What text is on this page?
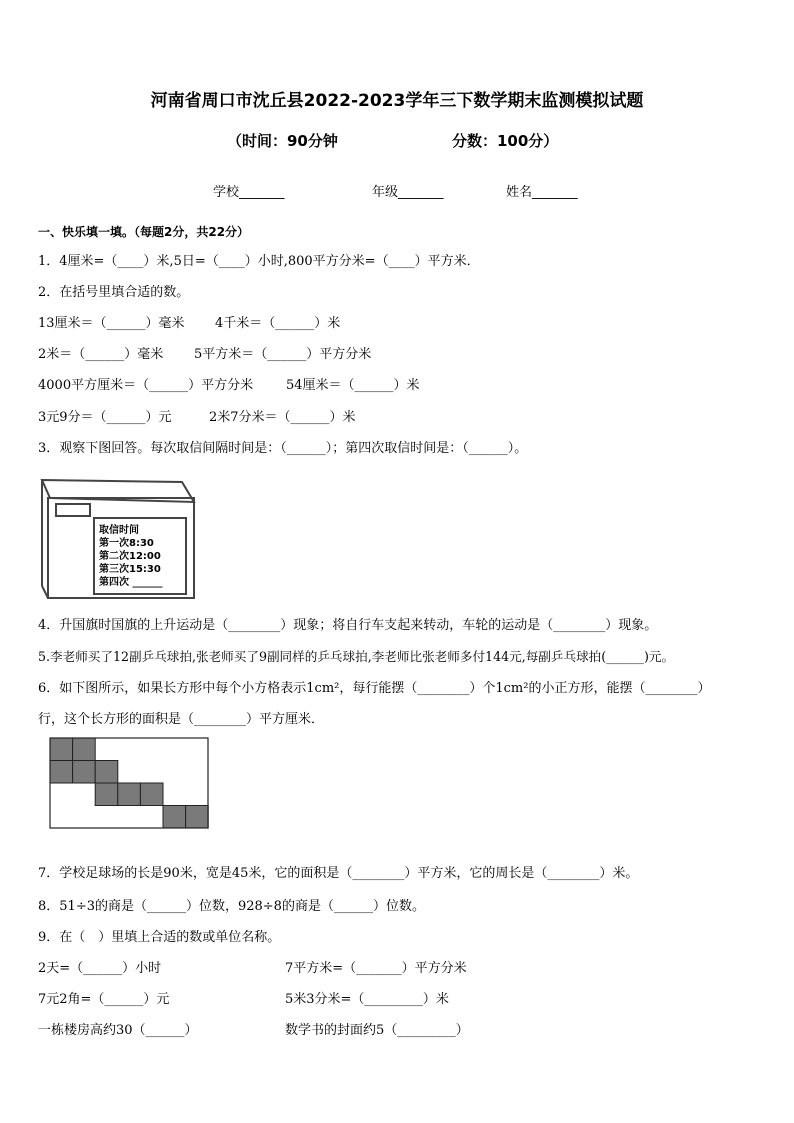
河南省周口市沈丘县2022-2023学年三下数学期末监测模拟试题
（时间：90分钟	分数：100分）
学校_______	年级_______	姓名_______
一、快乐填一填。（每题2分，共22分）
1．4厘米=（____）米,5日=（____）小时,800平方分米=（____）平方米．
2．在括号里填合适的数。
13厘米＝（______）毫米 4千米＝（______）米
2米＝（______）毫米 5平方米＝（______）平方分米
4000平方厘米＝（______）平方分米	54厘米＝（______）米
3元9分＝（______）元	2米7分米＝（______）米
3．观察下图回答。每次取信间隔时间是：（______）；第四次取信时间是：（______）。
取信时间
第一次8:30
第二次12:00
第三次15:30
第四次 ______
4．升国旗时国旗的上升运动是（________）现象；将自行车支起来转动，车轮的运动是（________）现象。
5.李老师买了12副乒乓球拍,张老师买了9副同样的乒乓球拍,李老师比张老师多付144元,每副乒乓球拍(______)元。
6．如下图所示，如果长方形中每个小方格表示1cm²，每行能摆（________）个1cm²的小正方形，能摆（________）
行，这个长方形的面积是（________）平方厘米．
7．学校足球场的长是90米，宽是45米，它的面积是（________）平方米，它的周长是（________）米。
8．51÷3的商是（______）位数，928÷8的商是（______）位数。
9．在（　）里填上合适的数或单位名称。
2天=（______）小时	7平方米=（_______）平方分米
7元2角=（______）元	5米3分米=（_________）米
一栋楼房高约30（______）	数学书的封面约5（_________）
